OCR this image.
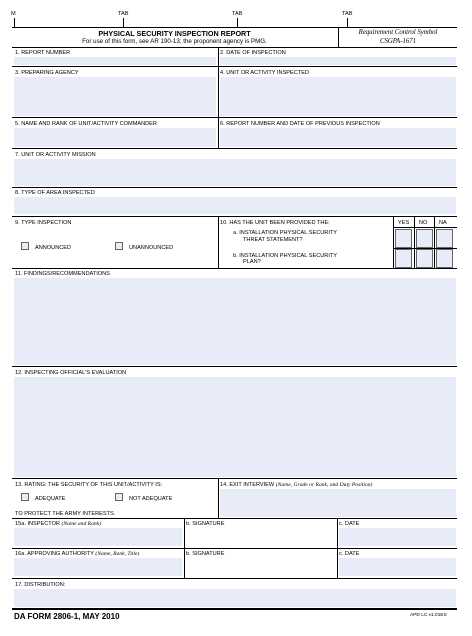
M	TAB	TAB	TAB
PHYSICAL SECURITY INSPECTION REPORT
For use of this form, see AR 190-13; the proponent agency is PMG.
Requirement Control Symbol
CSGPA-1671
1. REPORT NUMBER	2. DATE OF INSPECTION
3. PREPARING AGENCY	4. UNIT OR ACTIVITY INSPECTED
5. NAME AND RANK OF UNIT/ACTIVITY COMMANDER	6. REPORT NUMBER AND DATE OF PREVIOUS INSPECTION
7. UNIT OR ACTIVITY MISSION
8. TYPE OF AREA INSPECTED
9. TYPE INSPECTION
ANNOUNCED	UNANNOUNCED
10. HAS THE UNIT BEEN PROVIDED THE:	YES NO NA
a. INSTALLATION PHYSICAL SECURITY
THREAT STATEMENT?
b. INSTALLATION PHYSICAL SECURITY
PLAN?
11. FINDINGS/RECOMMENDATIONS
12. INSPECTING OFFICIAL'S EVALUATION
13. RATING: THE SECURITY OF THIS UNIT/ACTIVITY IS:
ADEQUATE	NOT ADEQUATE
TO PROTECT THE ARMY INTERESTS.
14. EXIT INTERVIEW (Name, Grade or Rank, and Duty Position)
15a. INSPECTOR (Name and Rank)	b. SIGNATURE	c. DATE
16a. APPROVING AUTHORITY (Name, Rank, Title)	b. SIGNATURE	c. DATE
17. DISTRIBUTION:
DA FORM 2806-1, MAY 2010	APD LC v1.01ES
